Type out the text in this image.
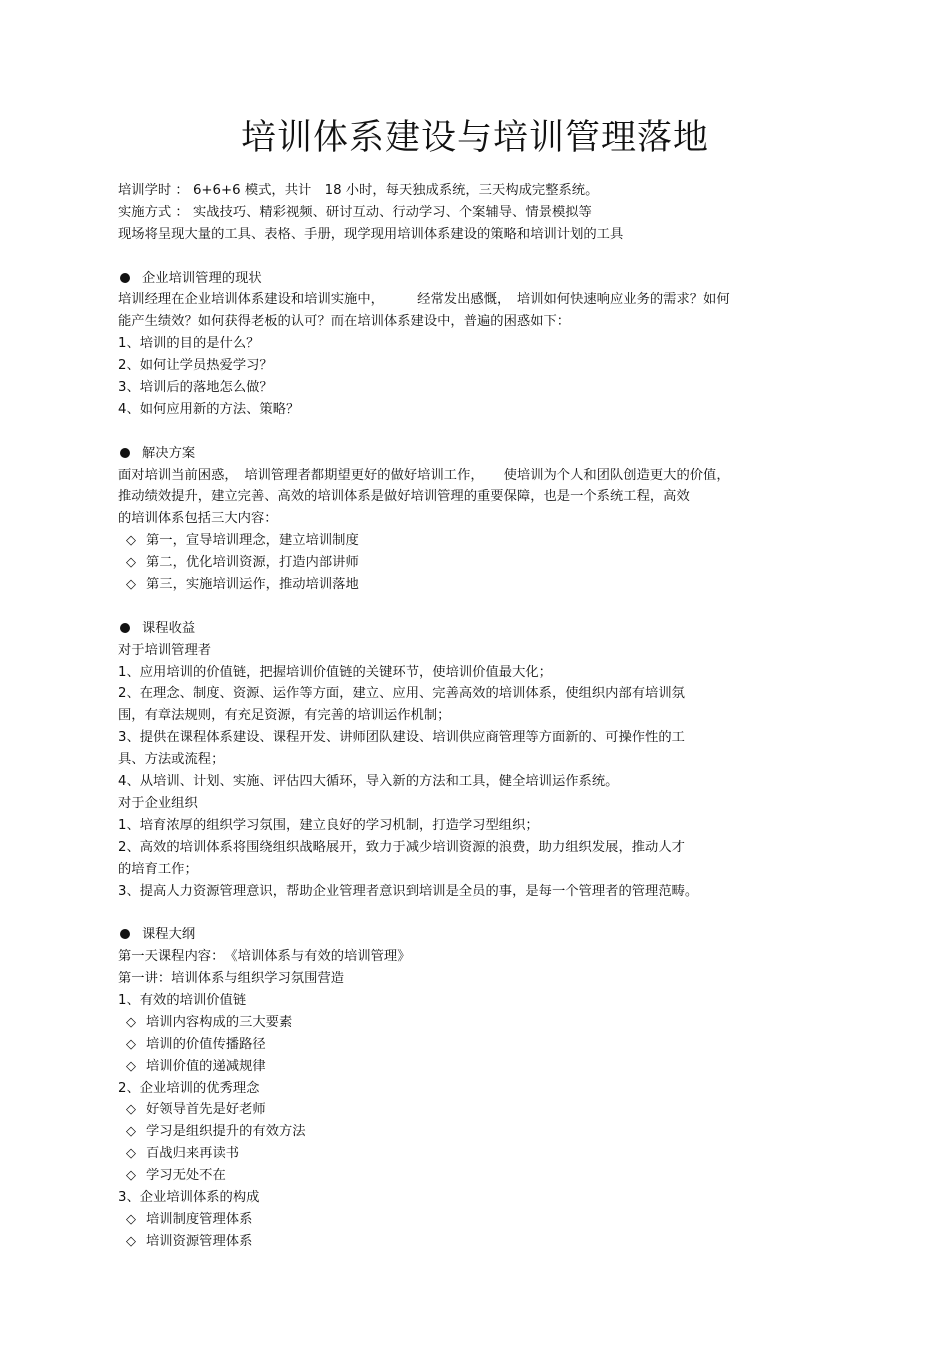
培训体系建设与培训管理落地
培训学时 ： 6+6+6 模式，共计　18 小时，每天独成系统，三天构成完整系统。
实施方式 ： 实战技巧、精彩视频、研讨互动、行动学习、个案辅导、情景模拟等
现场将呈现大量的工具、表格、手册，现学现用培训体系建设的策略和培训计划的工具
企业培训管理的现状
培训经理在企业培训体系建设和培训实施中，　　　经常发出感慨，　培训如何快速响应业务的需求？如何
能产生绩效？如何获得老板的认可？而在培训体系建设中，普遍的困惑如下：
1、培训的目的是什么？
2、如何让学员热爱学习？
3、培训后的落地怎么做？
4、如何应用新的方法、策略？
解决方案
面对培训当前困惑，　培训管理者都期望更好的做好培训工作，　　使培训为个人和团队创造更大的价值，
推动绩效提升，建立完善、高效的培训体系是做好培训管理的重要保障，也是一个系统工程，高效
的培训体系包括三大内容：
◇ 第一，宣导培训理念，建立培训制度
◇ 第二，优化培训资源，打造内部讲师
◇ 第三，实施培训运作，推动培训落地
课程收益
对于培训管理者
1、应用培训的价值链，把握培训价值链的关键环节，使培训价值最大化；
2、在理念、制度、资源、运作等方面，建立、应用、完善高效的培训体系，使组织内部有培训氛
围，有章法规则，有充足资源，有完善的培训运作机制；
3、提供在课程体系建设、课程开发、讲师团队建设、培训供应商管理等方面新的、可操作性的工
具、方法或流程；
4、从培训、计划、实施、评估四大循环，导入新的方法和工具，健全培训运作系统。
对于企业组织
1、培育浓厚的组织学习氛围，建立良好的学习机制，打造学习型组织；
2、高效的培训体系将围绕组织战略展开，致力于减少培训资源的浪费，助力组织发展，推动人才
的培育工作；
3、提高人力资源管理意识，帮助企业管理者意识到培训是全员的事，是每一个管理者的管理范畴。
课程大纲
第一天课程内容：　《培训体系与有效的培训管理》
第一讲：培训体系与组织学习氛围营造
1、有效的培训价值链
◇ 培训内容构成的三大要素
◇ 培训的价值传播路径
◇ 培训价值的递减规律
2、企业培训的优秀理念
◇ 好领导首先是好老师
◇ 学习是组织提升的有效方法
◇ 百战归来再读书
◇ 学习无处不在
3、企业培训体系的构成
◇ 培训制度管理体系
◇ 培训资源管理体系
